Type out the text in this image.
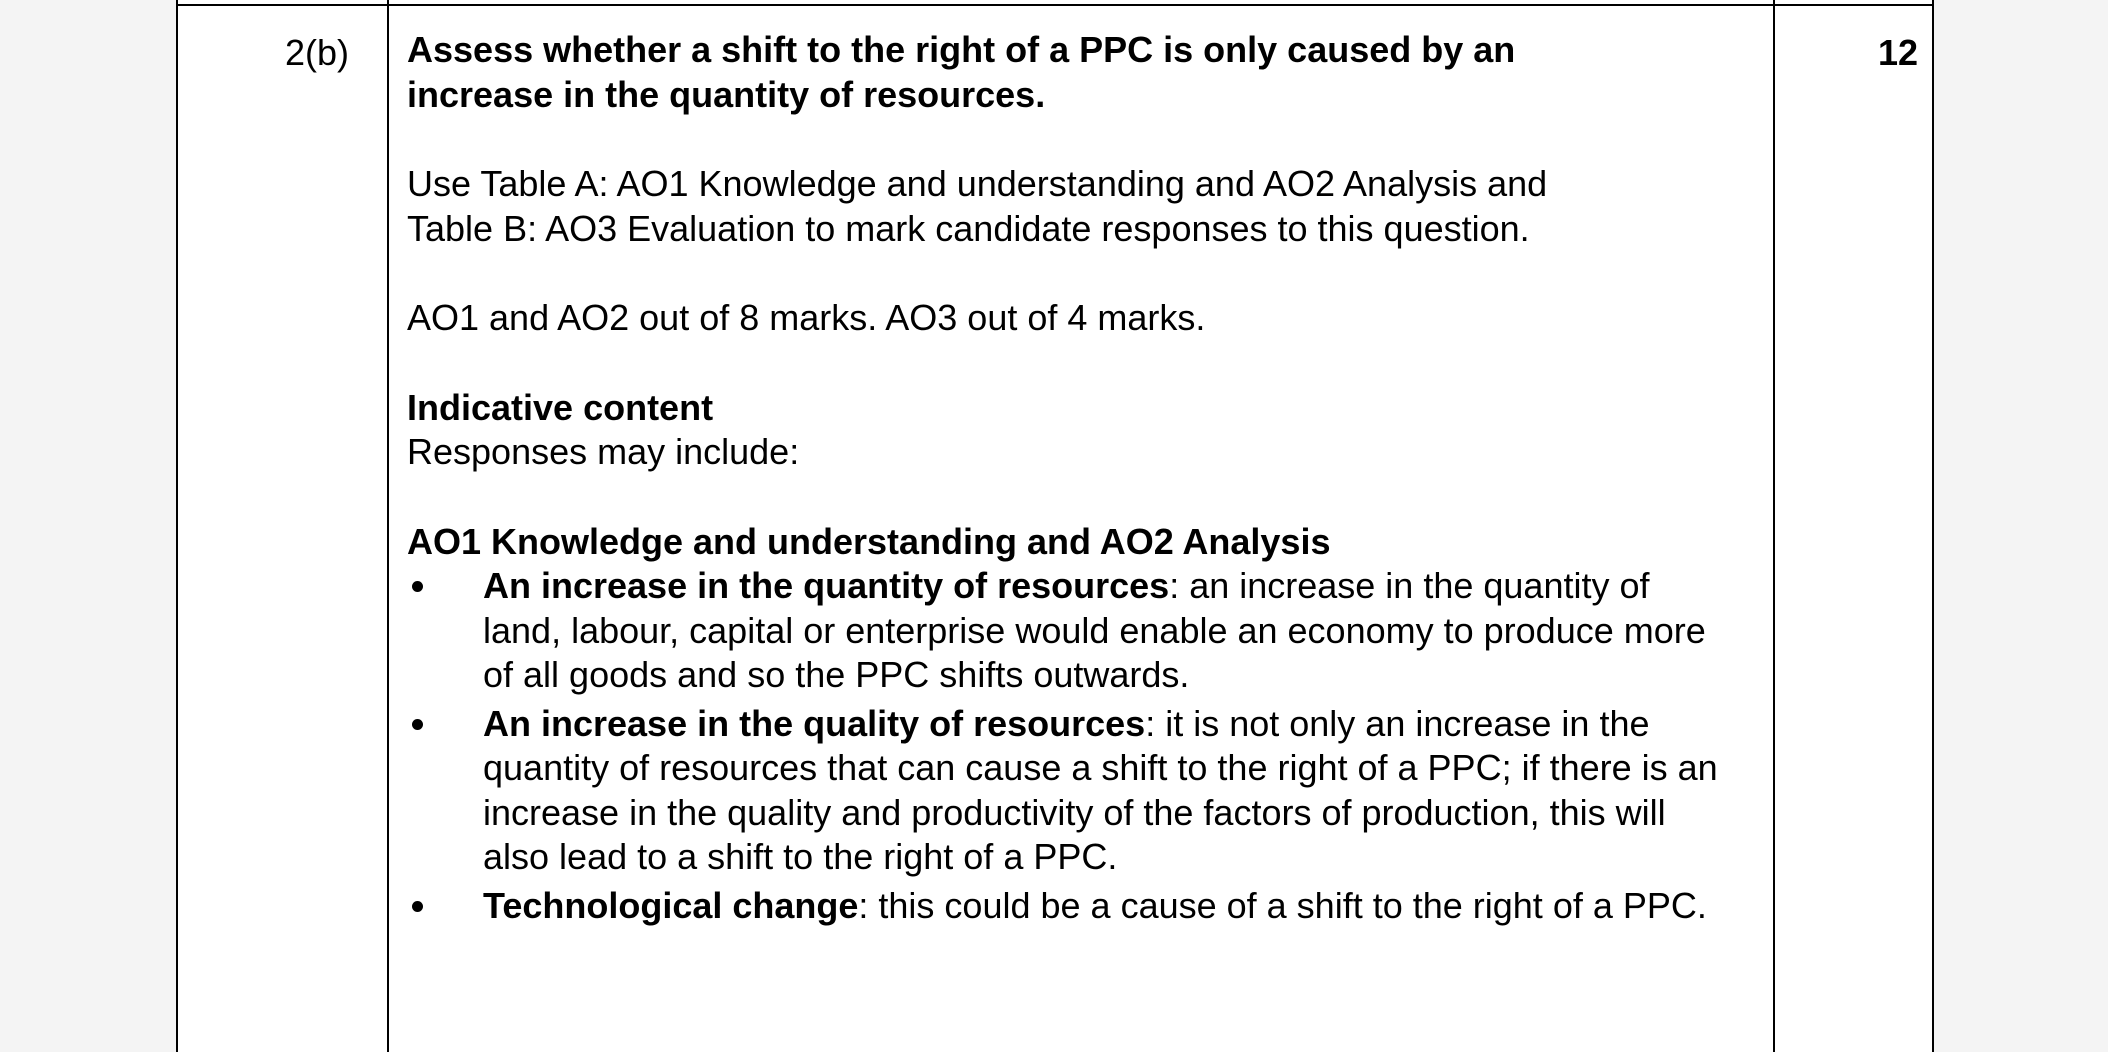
2(b)	12

Assess whether a shift to the right of a PPC is only caused by an
increase in the quantity of resources.

Use Table A: AO1 Knowledge and understanding and AO2 Analysis and
Table B: AO3 Evaluation to mark candidate responses to this question.

AO1 and AO2 out of 8 marks. AO3 out of 4 marks.

Indicative content

Responses may include:

AO1 Knowledge and understanding and AO2 Analysis

An increase in the quantity of resources: an increase in the quantity of land, labour, capital or enterprise would enable an economy to produce more of all goods and so the PPC shifts outwards.
An increase in the quality of resources: it is not only an increase in the quantity of resources that can cause a shift to the right of a PPC; if there is an increase in the quality and productivity of the factors of production, this will also lead to a shift to the right of a PPC.
Technological change: this could be a cause of a shift to the right of a PPC.
